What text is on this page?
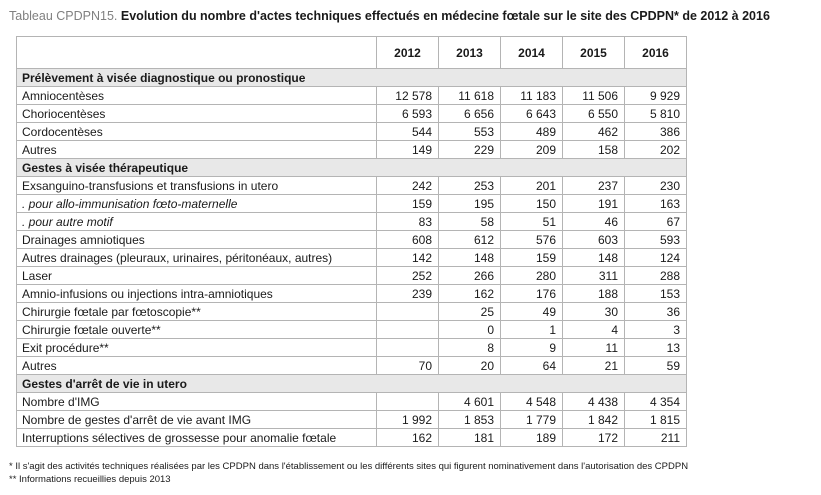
Tableau CPDPN15. Evolution du nombre d'actes techniques effectués en médecine fœtale sur le site des CPDPN* de 2012 à 2016
	2012	2013	2014	2015	2016
Prélèvement à visée diagnostique ou pronostique					
Amniocentèses	12 578	11 618	11 183	11 506	9 929
Choriocentèses	6 593	6 656	6 643	6 550	5 810
Cordocentèses	544	553	489	462	386
Autres	149	229	209	158	202
Gestes à visée thérapeutique					
Exsanguino-transfusions et transfusions in utero	242	253	201	237	230
. pour allo-immunisation fœto-maternelle	159	195	150	191	163
. pour autre motif	83	58	51	46	67
Drainages amniotiques	608	612	576	603	593
Autres drainages (pleuraux, urinaires, péritonéaux, autres)	142	148	159	148	124
Laser	252	266	280	311	288
Amnio-infusions ou injections intra-amniotiques	239	162	176	188	153
Chirurgie fœtale par fœtoscopie**		25	49	30	36
Chirurgie fœtale ouverte**		0	1	4	3
Exit procédure**		8	9	11	13
Autres	70	20	64	21	59
Gestes d'arrêt de vie in utero					
Nombre d'IMG		4 601	4 548	4 438	4 354
Nombre de gestes d'arrêt de vie avant IMG	1 992	1 853	1 779	1 842	1 815
Interruptions sélectives de grossesse pour anomalie fœtale	162	181	189	172	211
* Il s'agit des activités techniques réalisées par les CPDPN dans l'établissement ou les différents sites qui figurent nominativement dans l'autorisation des CPDPN
** Informations recueillies depuis 2013
